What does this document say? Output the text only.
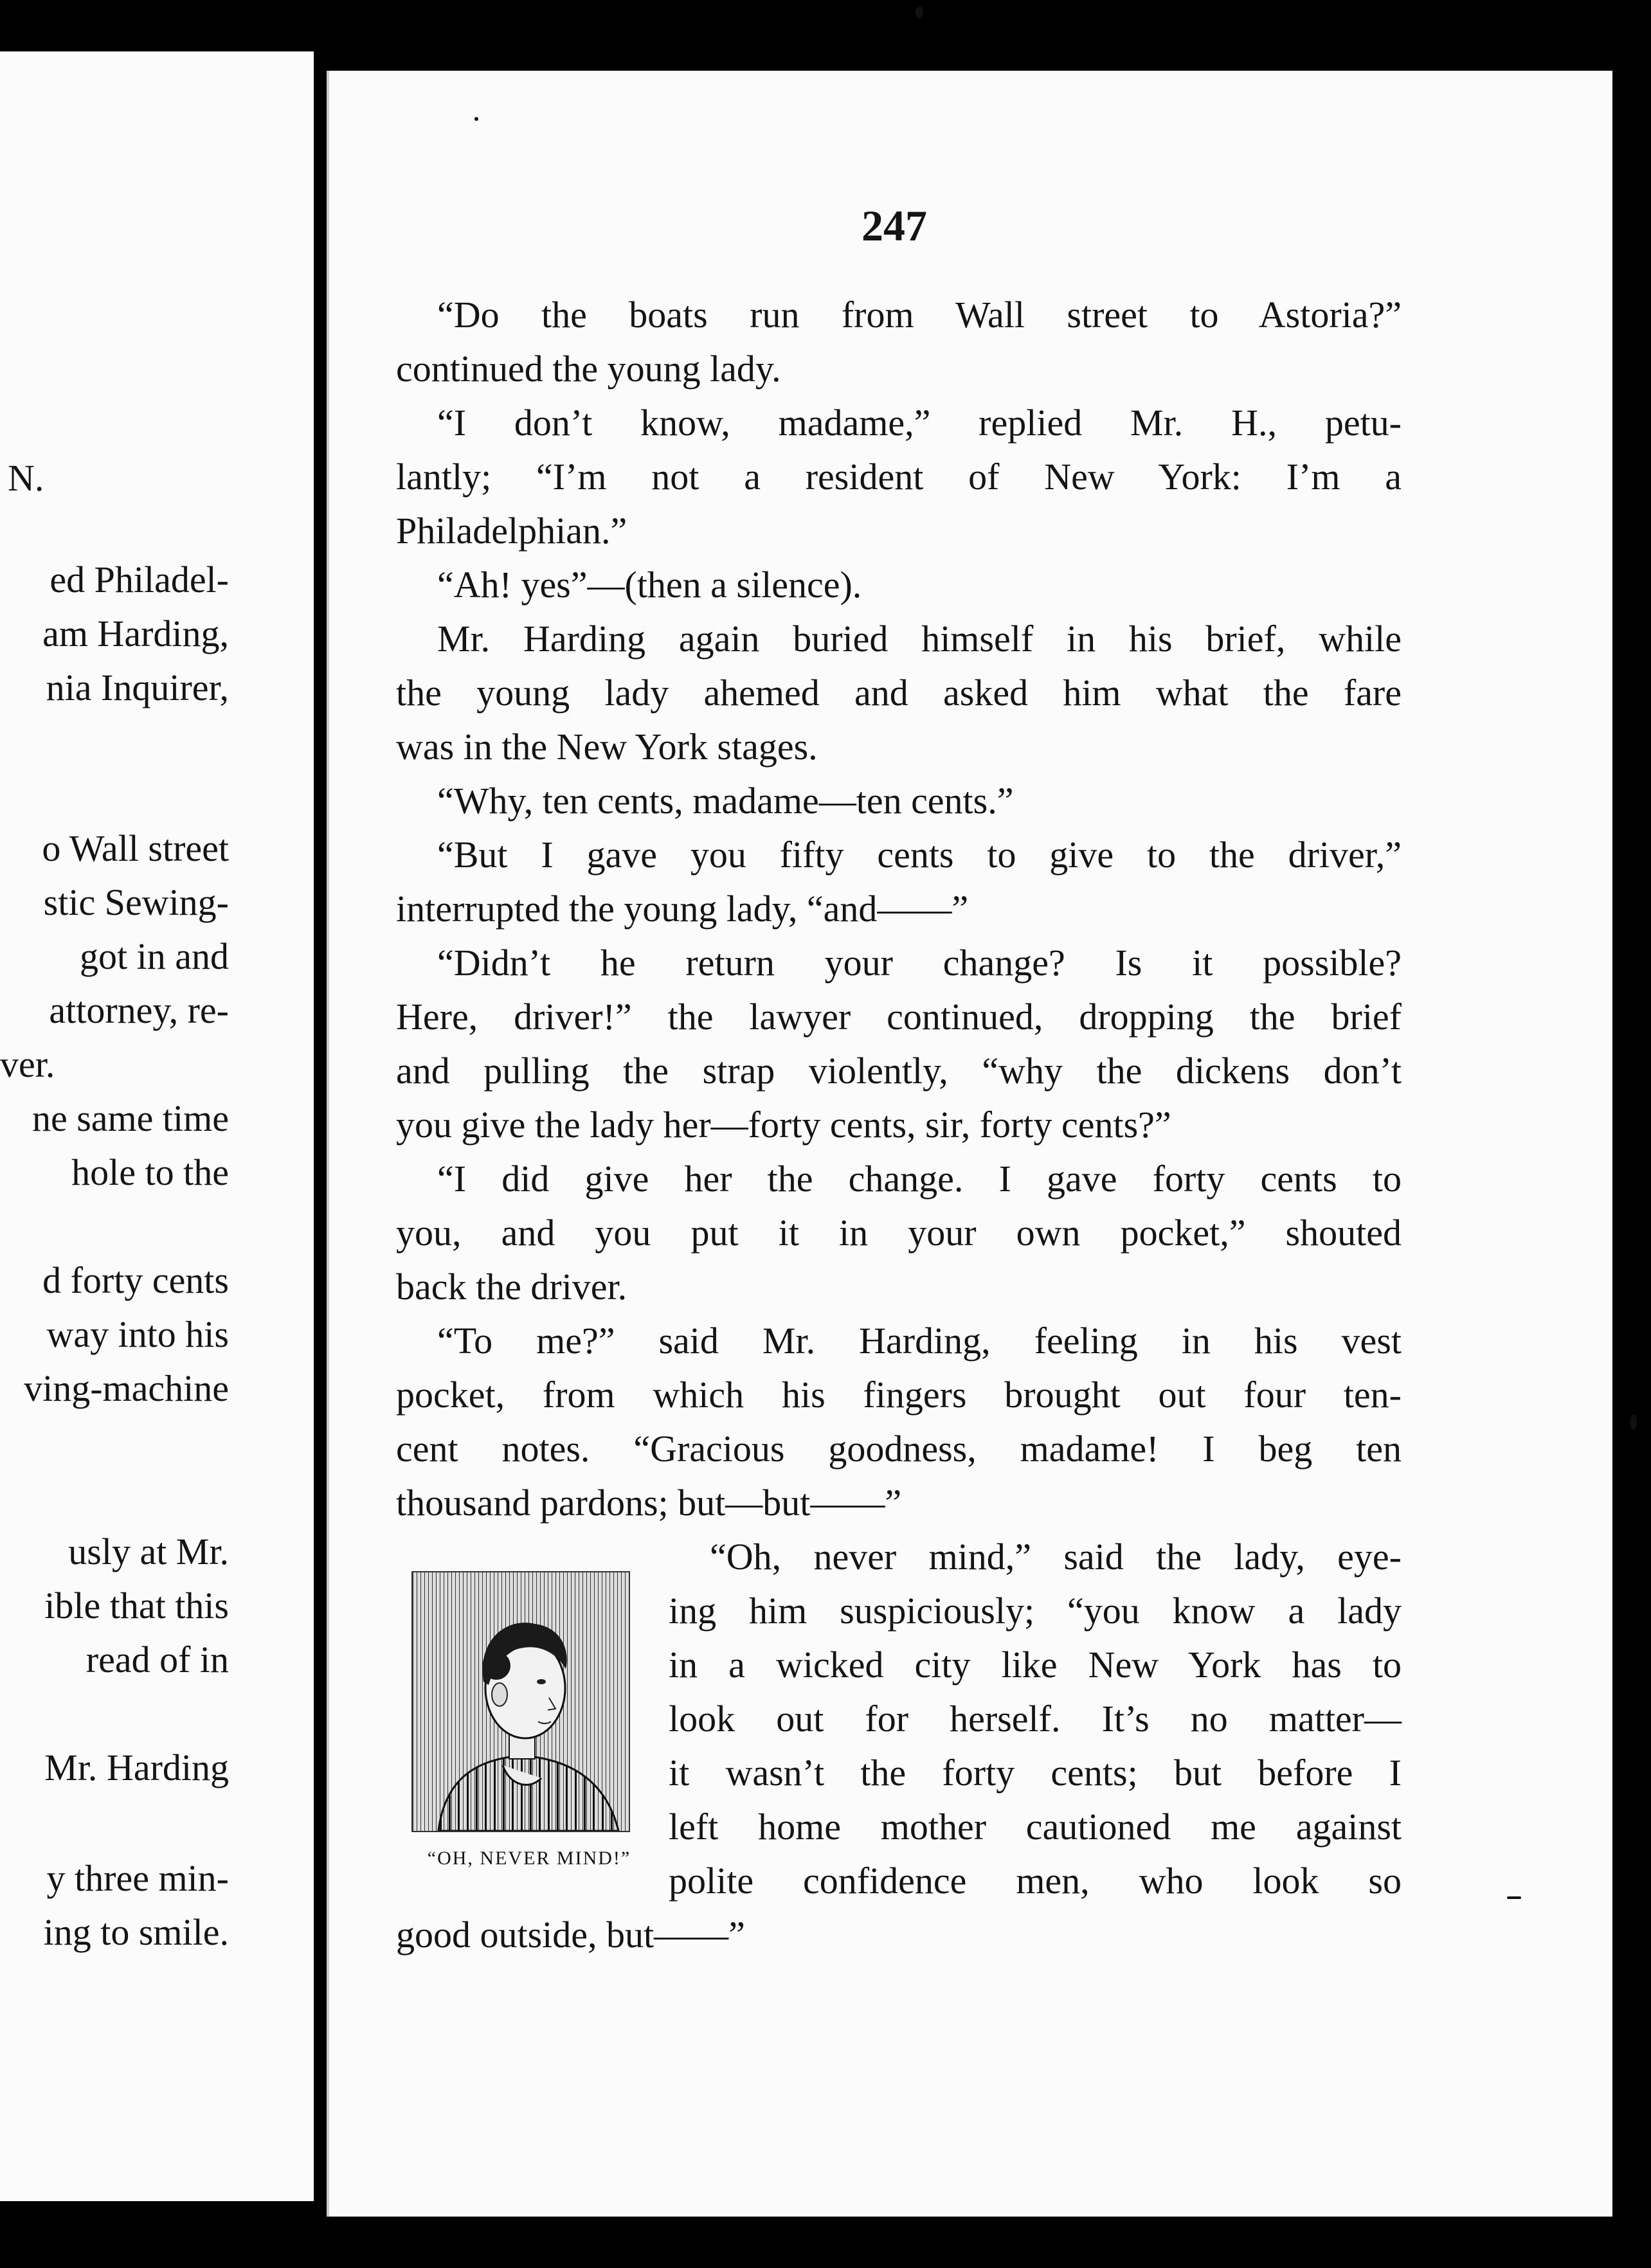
N.
ed Philadel-
am Harding,
nia Inquirer,
o Wall street
stic Sewing-
got in and
attorney, re-
ver.
ne same time
hole to the
d forty cents
way into his
ving-machine
usly at Mr.
ible that this
read of in
Mr. Harding
y three min-
ing to smile.
247
“Do the boats run from Wall street to Astoria?”
continued the young lady.
“I don’t know, madame,” replied Mr. H., petu-
lantly; “I’m not a resident of New York: I’m a
Philadelphian.”
“Ah! yes”—(then a silence).
Mr. Harding again buried himself in his brief, while
the young lady ahemed and asked him what the fare
was in the New York stages.
“Why, ten cents, madame—ten cents.”
“But I gave you fifty cents to give to the driver,”
interrupted the young lady, “and——”
“Didn’t he return your change? Is it possible?
Here, driver!” the lawyer continued, dropping the brief
and pulling the strap violently, “why the dickens don’t
you give the lady her—forty cents, sir, forty cents?”
“I did give her the change. I gave forty cents to
you, and you put it in your own pocket,” shouted
back the driver.
“To me?” said Mr. Harding, feeling in his vest
pocket, from which his fingers brought out four ten-
cent notes. “Gracious goodness, madame! I beg ten
thousand pardons; but—but——”
“Oh, never mind,” said the lady, eye-
ing him suspiciously; “you know a lady
in a wicked city like New York has to
look out for herself. It’s no matter—
it wasn’t the forty cents; but before I
left home mother cautioned me against
polite confidence men, who look so
good outside, but——”
“OH, NEVER MIND!”
